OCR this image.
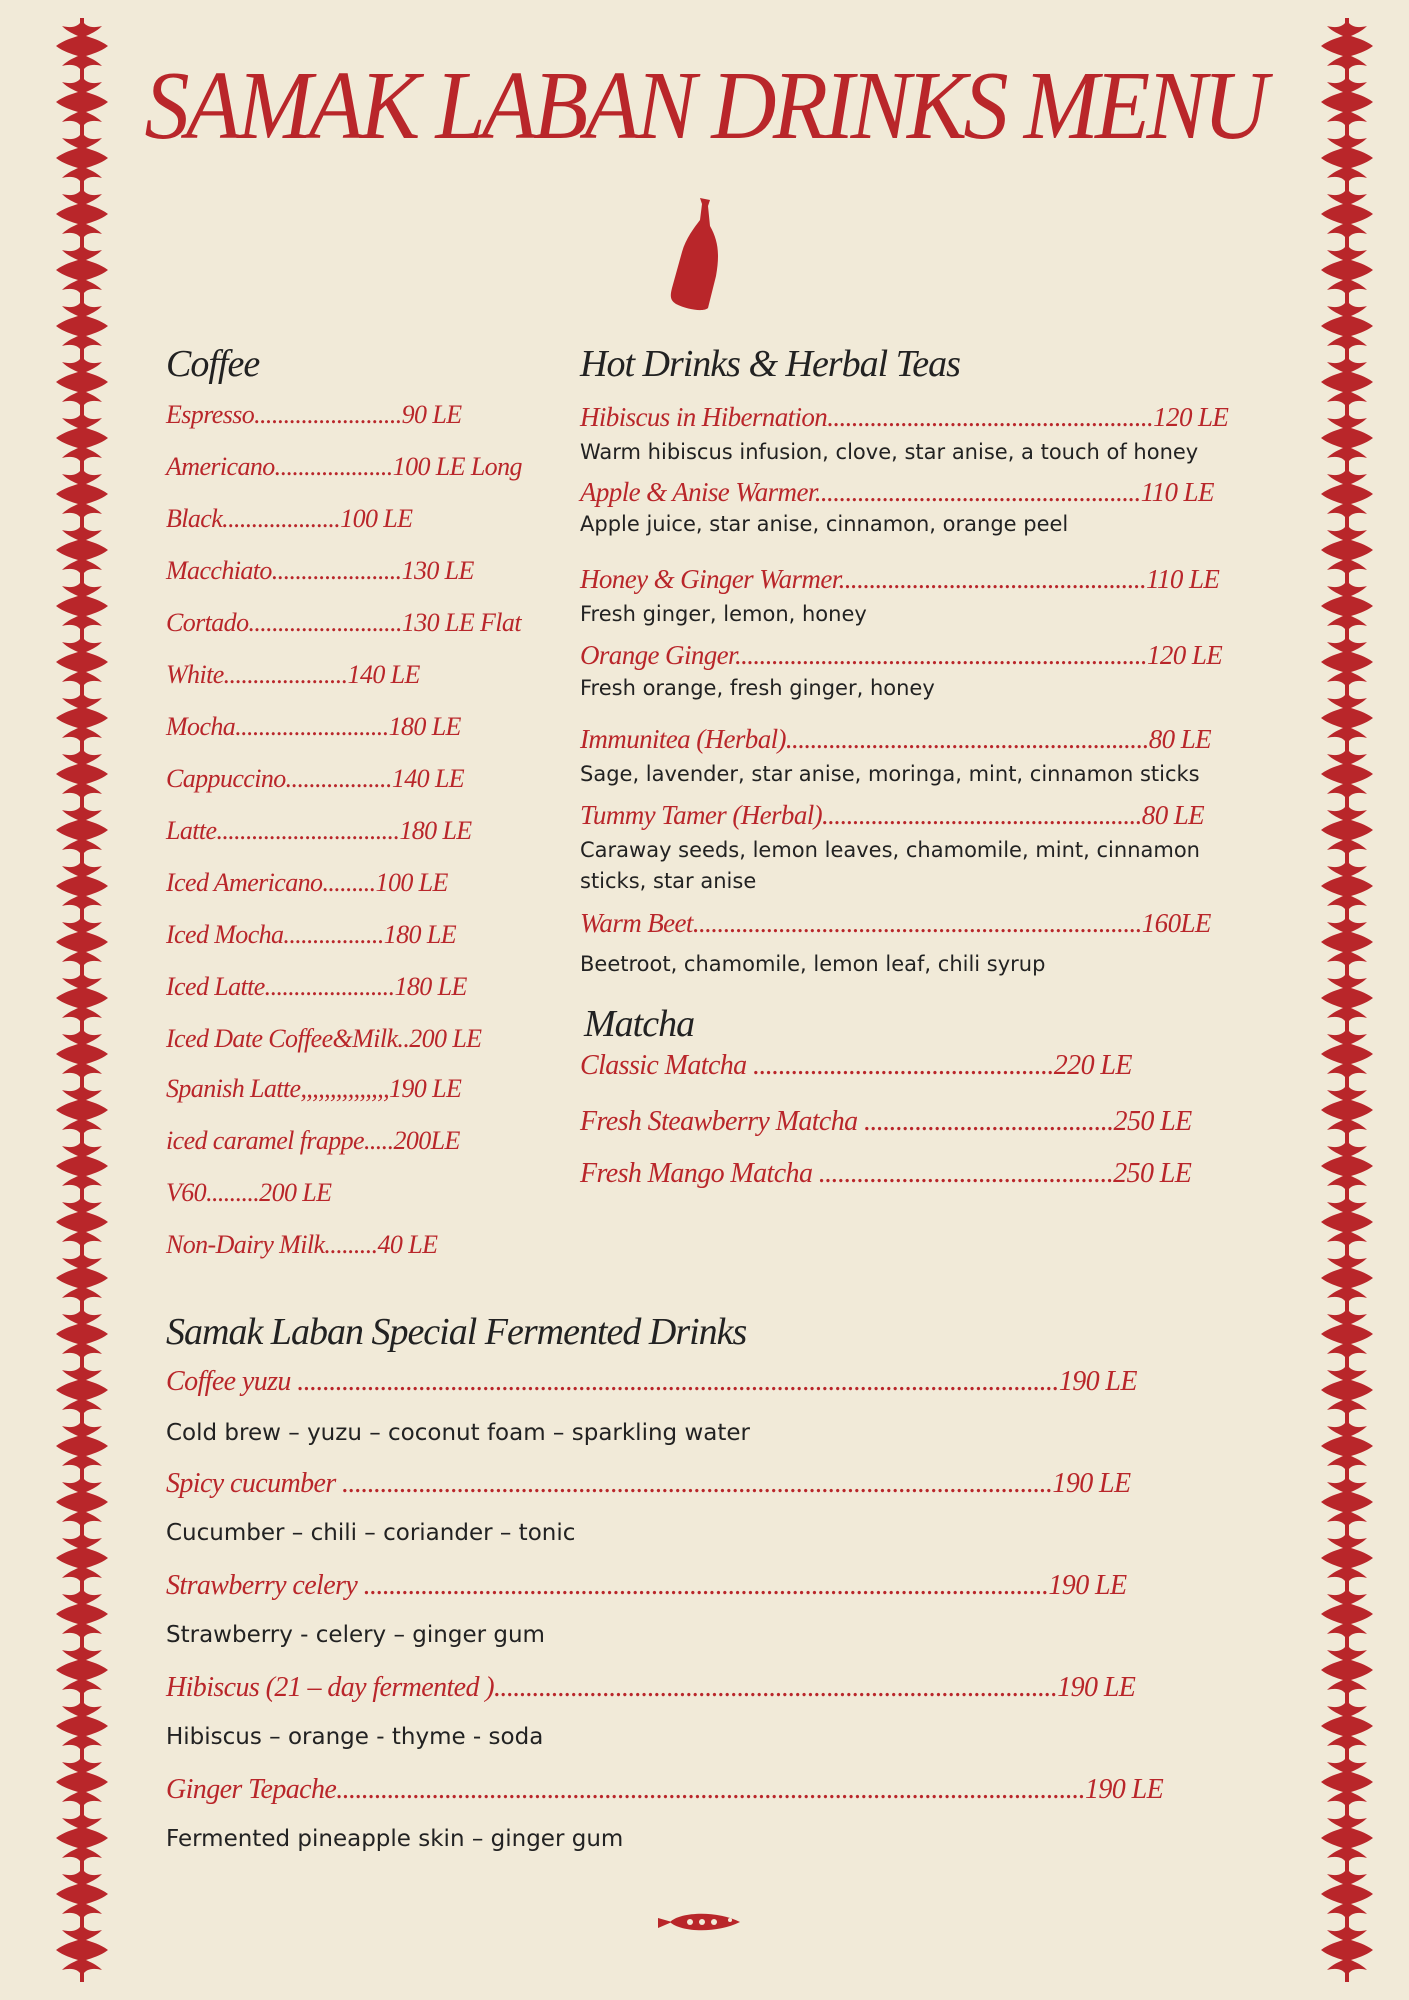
SAMAK LABAN DRINKS MENU
Coffee
Espresso.........................90 LE
Americano....................100 LE Long
Black....................100 LE
Macchiato......................130 LE
Cortado..........................130 LE Flat
White.....................140 LE
Mocha..........................180 LE
Cappuccino..................140 LE
Latte...............................180 LE
Iced Americano.........100 LE
Iced Mocha.................180 LE
Iced Latte......................180 LE
Iced Date Coffee&Milk..200 LE
Spanish Latte,,,,,,,,,,,,,,,190 LE
iced caramel frappe.....200LE
V60.........200 LE
Non-Dairy Milk.........40 LE
Hot Drinks & Herbal Teas
Hibiscus in Hibernation.....................................................120 LE
Warm hibiscus infusion, clove, star anise, a touch of honey
Apple & Anise Warmer.....................................................110 LE
Apple juice, star anise, cinnamon, orange peel
Honey & Ginger Warmer..................................................110 LE
Fresh ginger, lemon, honey
Orange Ginger...................................................................120 LE
Fresh orange, fresh ginger, honey
Immunitea (Herbal)...........................................................80 LE
Sage, lavender, star anise, moringa, mint, cinnamon sticks
Tummy Tamer (Herbal)....................................................80 LE
Caraway seeds, lemon leaves, chamomile, mint, cinnamon
sticks, star anise
Warm Beet.........................................................................160LE
Beetroot, chamomile, lemon leaf, chili syrup
Matcha
Classic Matcha ...............................................220 LE
Fresh Steawberry Matcha .......................................250 LE
Fresh Mango Matcha ..............................................250 LE
Samak Laban Special Fermented Drinks
Coffee yuzu .......................................................................................................................190 LE
Cold brew – yuzu – coconut foam – sparkling water
Spicy cucumber ...............................................................................................................190 LE
Cucumber – chili – coriander – tonic
Strawberry celery ...........................................................................................................190 LE
Strawberry - celery – ginger gum
Hibiscus (21 – day fermented )........................................................................................190 LE
Hibiscus – orange - thyme - soda
Ginger Tepache.....................................................................................................................190 LE
Fermented pineapple skin – ginger gum
